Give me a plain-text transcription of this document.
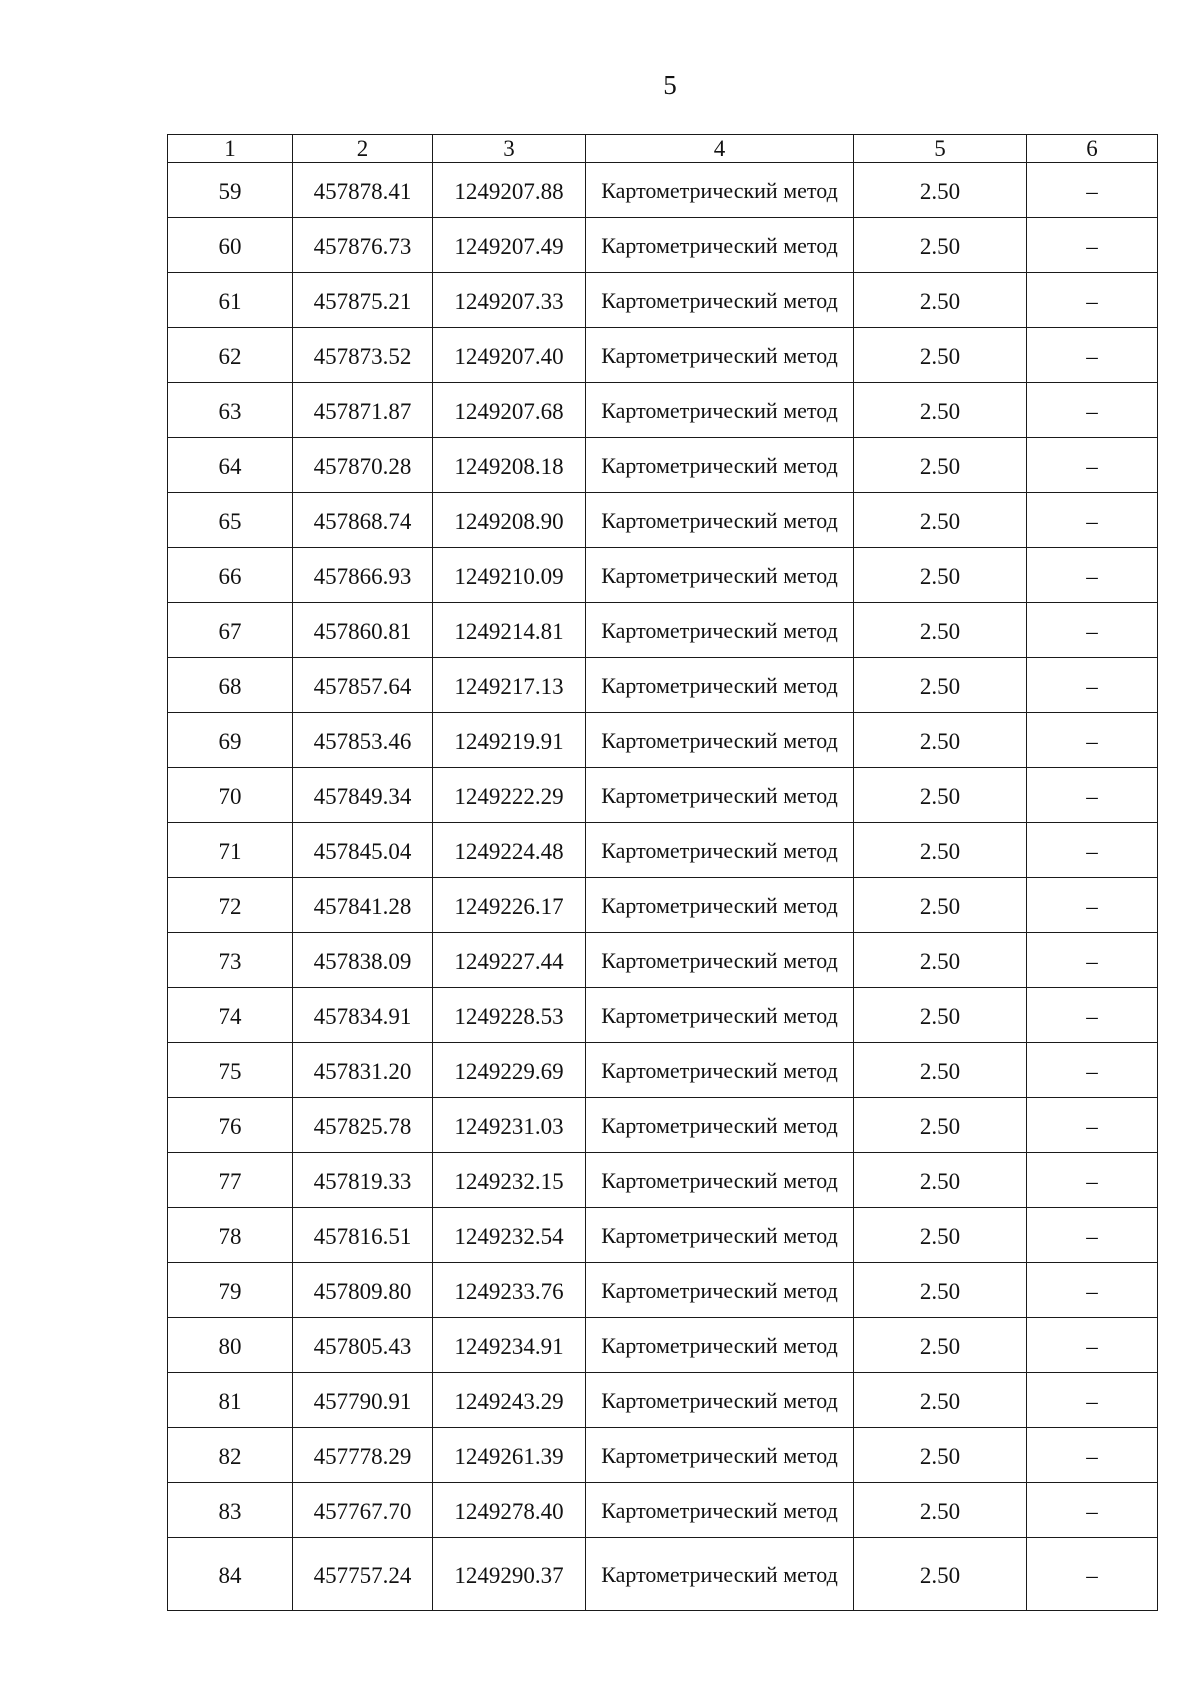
5
1	2	3	4	5	6
59	457878.41	1249207.88	Картометрический метод	2.50	–
60	457876.73	1249207.49	Картометрический метод	2.50	–
61	457875.21	1249207.33	Картометрический метод	2.50	–
62	457873.52	1249207.40	Картометрический метод	2.50	–
63	457871.87	1249207.68	Картометрический метод	2.50	–
64	457870.28	1249208.18	Картометрический метод	2.50	–
65	457868.74	1249208.90	Картометрический метод	2.50	–
66	457866.93	1249210.09	Картометрический метод	2.50	–
67	457860.81	1249214.81	Картометрический метод	2.50	–
68	457857.64	1249217.13	Картометрический метод	2.50	–
69	457853.46	1249219.91	Картометрический метод	2.50	–
70	457849.34	1249222.29	Картометрический метод	2.50	–
71	457845.04	1249224.48	Картометрический метод	2.50	–
72	457841.28	1249226.17	Картометрический метод	2.50	–
73	457838.09	1249227.44	Картометрический метод	2.50	–
74	457834.91	1249228.53	Картометрический метод	2.50	–
75	457831.20	1249229.69	Картометрический метод	2.50	–
76	457825.78	1249231.03	Картометрический метод	2.50	–
77	457819.33	1249232.15	Картометрический метод	2.50	–
78	457816.51	1249232.54	Картометрический метод	2.50	–
79	457809.80	1249233.76	Картометрический метод	2.50	–
80	457805.43	1249234.91	Картометрический метод	2.50	–
81	457790.91	1249243.29	Картометрический метод	2.50	–
82	457778.29	1249261.39	Картометрический метод	2.50	–
83	457767.70	1249278.40	Картометрический метод	2.50	–
84	457757.24	1249290.37	Картометрический метод	2.50	–
